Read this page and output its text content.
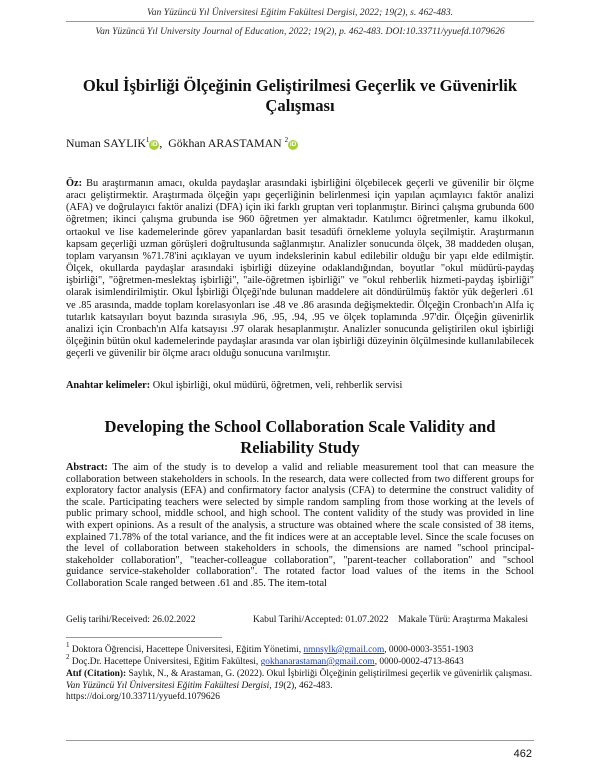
Van Yüzüncü Yıl Üniversitesi Eğitim Fakültesi Dergisi, 2022; 19(2), s. 462-483.
Van Yüzüncü Yıl University Journal of Education, 2022; 19(2), p. 462-483. DOI:10.33711/yyuefd.1079626
Okul İşbirliği Ölçeğinin Geliştirilmesi Geçerlik ve Güvenirlik Çalışması
Numan SAYLIK$^1$iD ,  Gökhan ARASTAMAN $^2$iD
Öz: Bu araştırmanın amacı, okulda paydaşlar arasındaki işbirliğini ölçebilecek geçerli ve güvenilir bir ölçme aracı geliştirmektir. Araştırmada ölçeğin yapı geçerliğinin belirlenmesi için yapılan açımlayıcı faktör analizi (AFA) ve doğrulayıcı faktör analizi (DFA) için iki farklı gruptan veri toplanmıştır. Birinci çalışma grubunda 600 öğretmen; ikinci çalışma grubunda ise 960 öğretmen yer almaktadır. Katılımcı öğretmenler, kamu ilkokul, ortaokul ve lise kademelerinde görev yapanlardan basit tesadüfi örnekleme yoluyla seçilmiştir. Araştırmanın kapsam geçerliği uzman görüşleri doğrultusunda sağlanmıştır. Analizler sonucunda ölçek, 38 maddeden oluşan, toplam varyansın %71.78'ini açıklayan ve uyum indekslerinin kabul edilebilir olduğu bir yapı elde edilmiştir. Ölçek, okullarda paydaşlar arasındaki işbirliği düzeyine odaklandığından, boyutlar "okul müdürü-paydaş işbirliği", "öğretmen-meslektaş işbirliği", "aile-öğretmen işbirliği" ve "okul rehberlik hizmeti-paydaş işbirliği" olarak isimlendirilmiştir. Okul İşbirliği Ölçeği'nde bulunan maddelere ait döndürülmüş faktör yük değerleri .61 ve .85 arasında, madde toplam korelasyonları ise .48 ve .86 arasında değişmektedir. Ölçeğin Cronbach'ın Alfa iç tutarlık katsayıları boyut bazında sırasıyla .96, .95, .94, .95 ve ölçek toplamında .97'dir. Ölçeğin güvenirlik analizi için Cronbach'ın Alfa katsayısı .97 olarak hesaplanmıştır. Analizler sonucunda geliştirilen okul işbirliği ölçeğinin bütün okul kademelerinde paydaşlar arasında var olan işbirliği düzeyinin ölçülmesinde kullanılabilecek geçerli ve güvenilir bir ölçme aracı olduğu sonucuna varılmıştır.
Anahtar kelimeler: Okul işbirliği, okul müdürü, öğretmen, veli, rehberlik servisi
Developing the School Collaboration Scale Validity and Reliability Study
Abstract: The aim of the study is to develop a valid and reliable measurement tool that can measure the collaboration between stakeholders in schools. In the research, data were collected from two different groups for exploratory factor analysis (EFA) and confirmatory factor analysis (CFA) to determine the construct validity of the scale. Participating teachers were selected by simple random sampling from those working at the levels of public primary school, middle school, and high school. The content validity of the study was provided in line with expert opinions. As a result of the analysis, a structure was obtained where the scale consisted of 38 items, explained 71.78% of the total variance, and the fit indices were at an acceptable level. Since the scale focuses on the level of collaboration between stakeholders in schools, the dimensions are named "school principal-stakeholder collaboration", "teacher-colleague collaboration", "parent-teacher collaboration" and "school guidance service-stakeholder collaboration". The rotated factor load values of the items in the School Collaboration Scale ranged between .61 and .85. The item-total
Geliş tarihi/Received: 26.02.2022	Kabul Tarihi/Accepted: 01.07.2022 Makale Türü: Araştırma Makalesi
$^1$ Doktora Öğrencisi, Hacettepe Üniversitesi, Eğitim Yönetimi, nmnsylk@gmail.com, 0000-0003-3551-1903
$^2$ Doç.Dr. Hacettepe Üniversitesi, Eğitim Fakültesi, gokhanarastaman@gmail.com, 0000-0002-4713-8643
Atıf (Citation): Saylık, N., & Arastaman, G. (2022). Okul İşbirliği Ölçeğinin geliştirilmesi geçerlik ve güvenirlik çalışması. Van Yüzüncü Yıl Üniversitesi Eğitim Fakültesi Dergisi, 19(2), 462-483.
https://doi.org/10.33711/yyuefd.1079626
462
